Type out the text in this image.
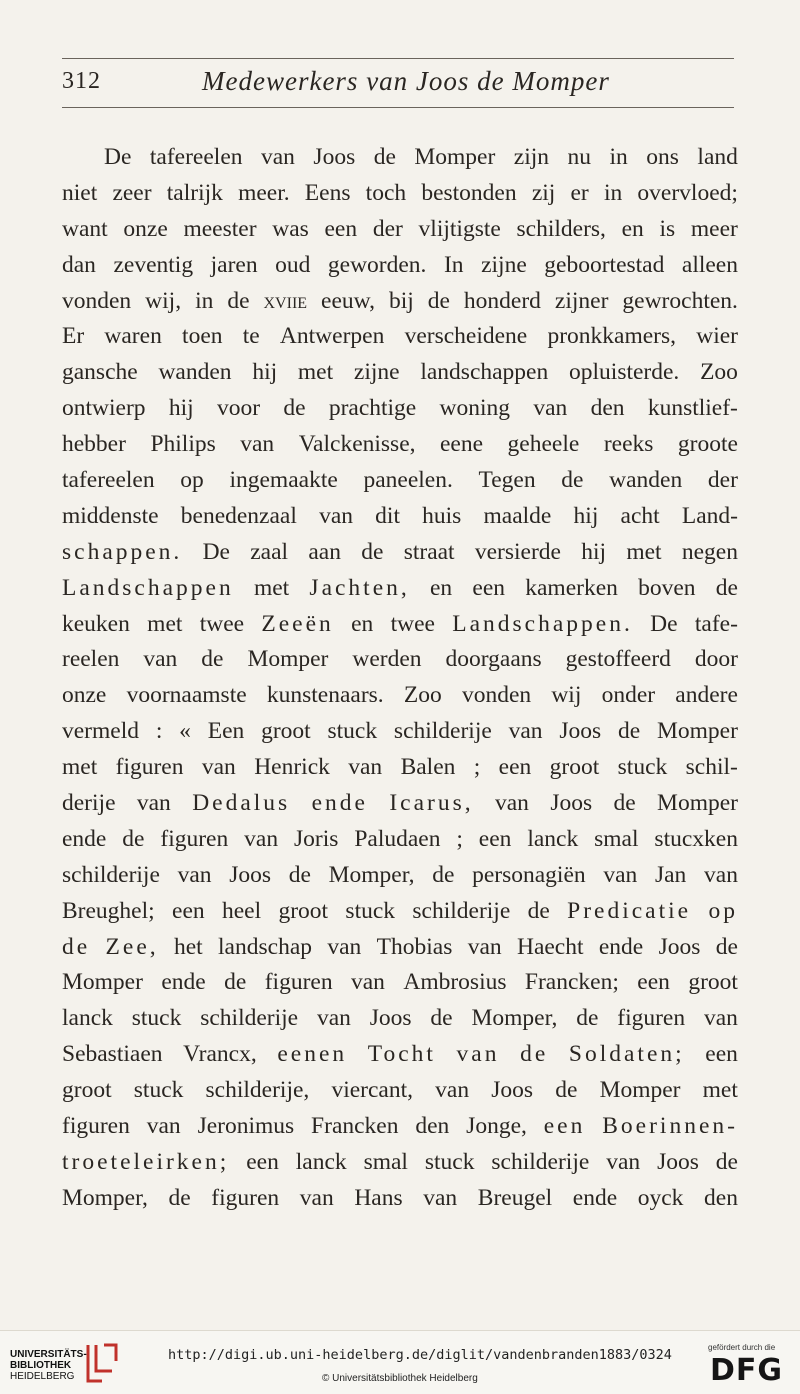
312	Medewerkers van Joos de Momper
De tafereelen van Joos de Momper zijn nu in ons land
niet zeer talrijk meer. Eens toch bestonden zij er in overvloed;
want onze meester was een der vlijtigste schilders, en is meer
dan zeventig jaren oud geworden. In zijne geboortestad alleen
vonden wij, in de xviie eeuw, bij de honderd zijner gewrochten.
Er waren toen te Antwerpen verscheidene pronkkamers, wier
gansche wanden hij met zijne landschappen opluisterde. Zoo
ontwierp hij voor de prachtige woning van den kunstlief-
hebber Philips van Valckenisse, eene geheele reeks groote
tafereelen op ingemaakte paneelen. Tegen de wanden der
middenste benedenzaal van dit huis maalde hij acht Land-
schappen. De zaal aan de straat versierde hij met negen
Landschappen met Jachten, en een kamerken boven de
keuken met twee Zeeën en twee Landschappen. De tafe-
reelen van de Momper werden doorgaans gestoffeerd door
onze voornaamste kunstenaars. Zoo vonden wij onder andere
vermeld : « Een groot stuck schilderije van Joos de Momper
met figuren van Henrick van Balen ; een groot stuck schil-
derije van Dedalus ende Icarus, van Joos de Momper
ende de figuren van Joris Paludaen ; een lanck smal stucxken
schilderije van Joos de Momper, de personagiën van Jan van
Breughel; een heel groot stuck schilderije de Predicatie op
de Zee, het landschap van Thobias van Haecht ende Joos de
Momper ende de figuren van Ambrosius Francken; een groot
lanck stuck schilderije van Joos de Momper, de figuren van
Sebastiaen Vrancx, eenen Tocht van de Soldaten; een
groot stuck schilderije, viercant, van Joos de Momper met
figuren van Jeronimus Francken den Jonge, een Boerinnen-
troeteleirken; een lanck smal stuck schilderije van Joos de
Momper, de figuren van Hans van Breugel ende oyck den
UNIVERSITÄTS-
BIBLIOTHEK
HEIDELBERG
http://digi.ub.uni-heidelberg.de/diglit/vandenbranden1883/0324
© Universitätsbibliothek Heidelberg
gefördert durch die
DFG
